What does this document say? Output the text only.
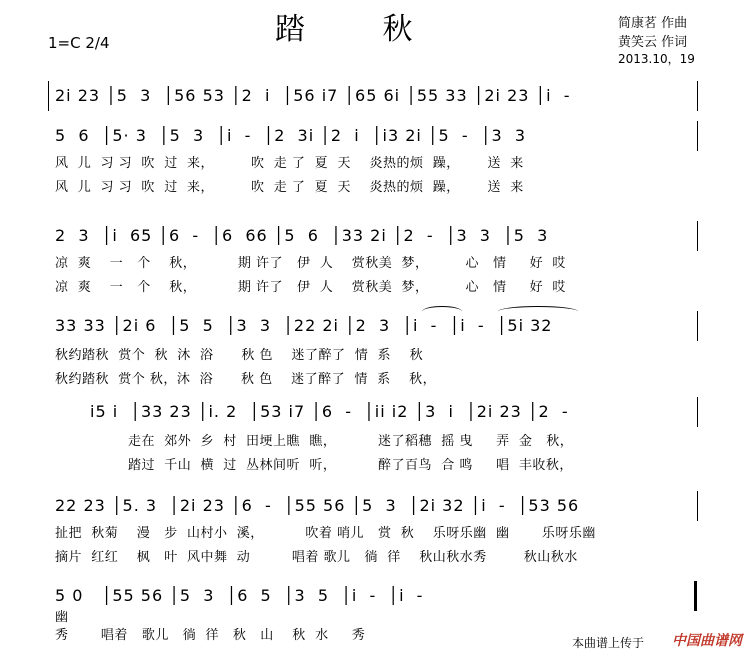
踏 秋
1=C 2/4
简康茗 作曲
黄笑云 作词
2013.10，19
2i 23 │5  3  │56 53 │2  i  │56 i7 │65 6i │55 33 │2i 23 │i  -
5  6  │5· 3  │5  3  │i  -  │2  3i │2  i  │i3 2i │5  -  │3  3
风  儿  习 习  吹  过  来，        吹  走 了  夏  天    炎热的烦  躁，      送  来
风  儿  习 习  吹  过  来，        吹  走 了  夏  天    炎热的烦  躁，      送  来
2  3  │i  65 │6  -  │6  66 │5  6  │33 2i │2  -  │3  3  │5  3
凉  爽    一   个    秋，         期 许了   伊  人    赏秋美  梦，        心   情     好  哎
凉  爽    一   个    秋，         期 许了   伊  人    赏秋美  梦，        心   情     好  哎
33 33 │2i 6  │5  5  │3  3  │22 2i │2  3  │i  -  │i  -  │5i 32
秋约踏秋  赏个  秋  沐  浴      秋 色    迷了醉了  情  系    秋
秋约踏秋  赏个 秋，沐  浴      秋 色    迷了醉了  情  系    秋，
i5 i  │33 23 │i. 2  │53 i7 │6  -  │ii i2 │3  i  │2i 23 │2  -
走在  郊外  乡  村  田埂上瞧  瞧，         迷了稻穗  摇 曳     弄  金   秋，
踏过  千山  横  过  丛林间听  听，         醉了百鸟  合 鸣     唱  丰收秋，
22 23 │5. 3  │2i 23 │6  -  │55 56 │5  3  │2i 32 │i  -  │53 56
扯把  秋菊    漫   步  山村小  溪，         吹着 哨儿   赏  秋    乐呀乐幽  幽       乐呀乐幽
摘片  红红    枫   叶  风中舞  动         唱着 歌儿   徜  徉    秋山秋水秀        秋山秋水
5 0   │55 56 │5  3  │6  5  │3  5  │i  -  │i  -
幽
秀       唱着   歌儿   徜  徉   秋   山    秋  水     秀	本曲谱上传于 中国曲谱网
